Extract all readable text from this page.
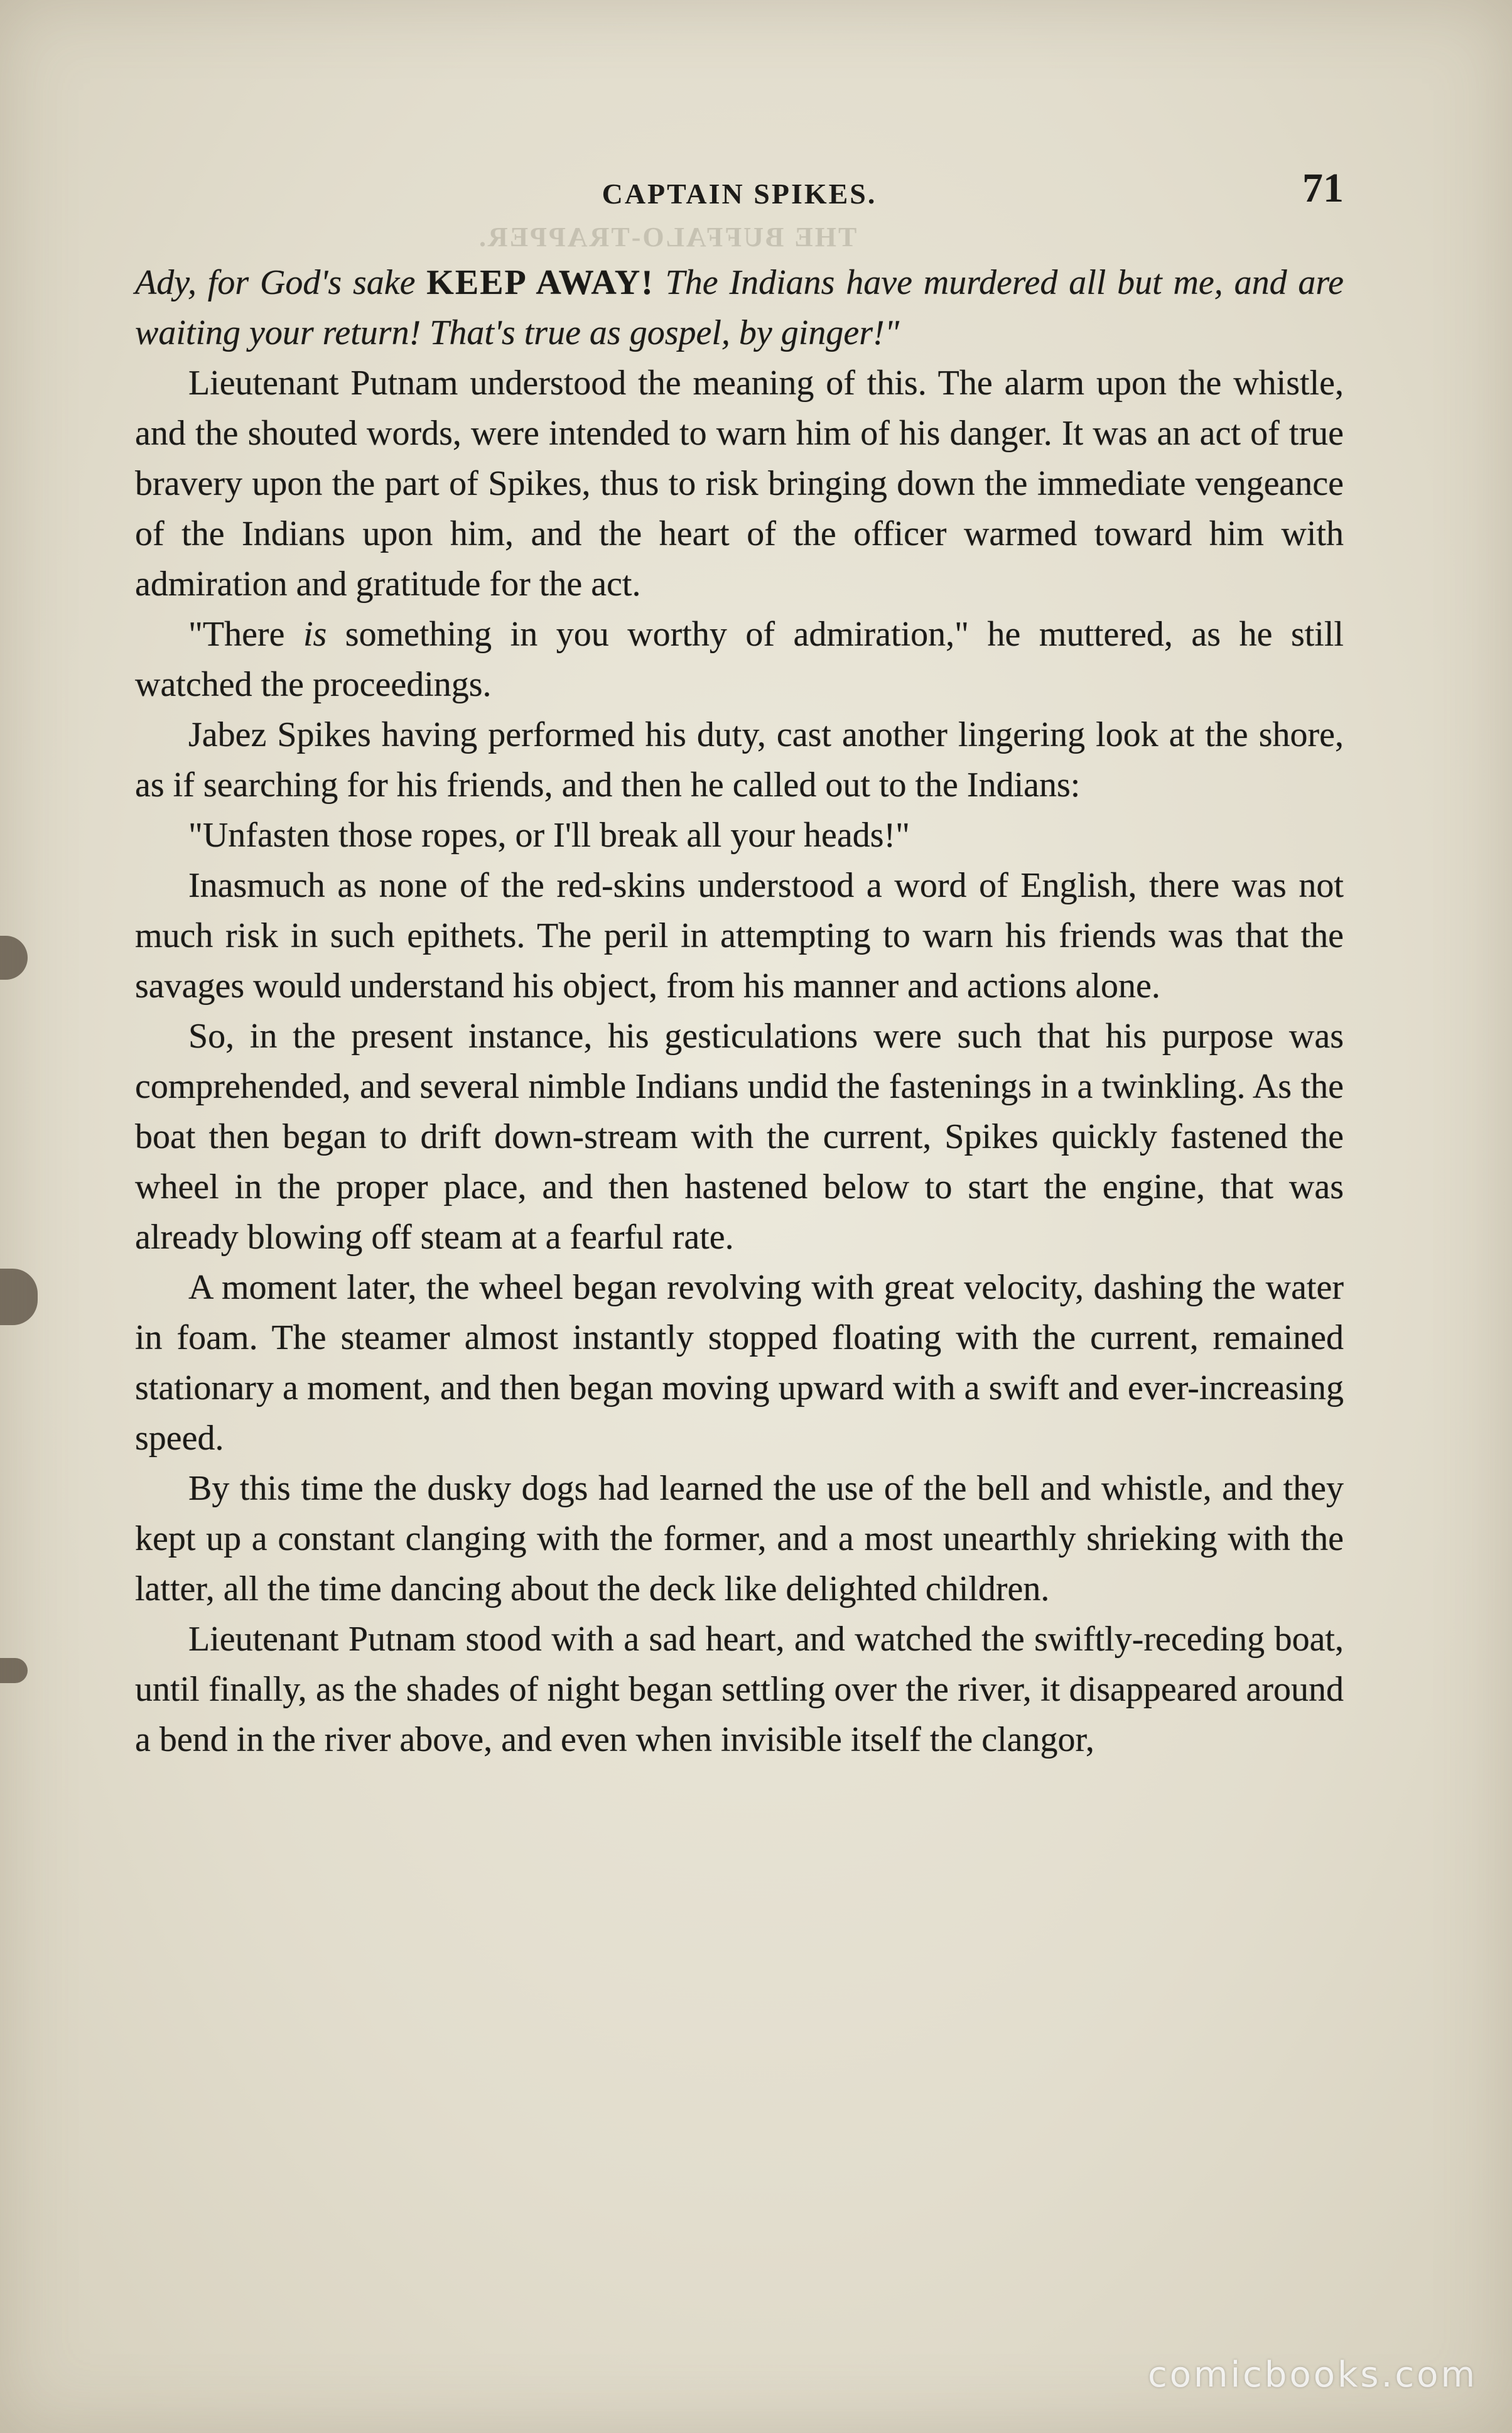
THE BUFFALO-TRAPPER.
CAPTAIN SPIKES.	71

Ady, for God's sake KEEP AWAY! The Indians have murdered all but me, and are waiting your return! That's true as gospel, by ginger!"

Lieutenant Putnam understood the meaning of this. The alarm upon the whistle, and the shouted words, were intended to warn him of his danger. It was an act of true bravery upon the part of Spikes, thus to risk bringing down the immediate vengeance of the Indians upon him, and the heart of the officer warmed toward him with admiration and gratitude for the act.

"There is something in you worthy of admiration," he muttered, as he still watched the proceedings.

Jabez Spikes having performed his duty, cast another lingering look at the shore, as if searching for his friends, and then he called out to the Indians:

"Unfasten those ropes, or I'll break all your heads!"

Inasmuch as none of the red-skins understood a word of English, there was not much risk in such epithets. The peril in attempting to warn his friends was that the savages would understand his object, from his manner and actions alone.

So, in the present instance, his gesticulations were such that his purpose was comprehended, and several nimble Indians undid the fastenings in a twinkling. As the boat then began to drift down-stream with the current, Spikes quickly fastened the wheel in the proper place, and then hastened below to start the engine, that was already blowing off steam at a fearful rate.

A moment later, the wheel began revolving with great velocity, dashing the water in foam. The steamer almost instantly stopped floating with the current, remained stationary a moment, and then began moving upward with a swift and ever-increasing speed.

By this time the dusky dogs had learned the use of the bell and whistle, and they kept up a constant clanging with the former, and a most unearthly shrieking with the latter, all the time dancing about the deck like delighted children.

Lieutenant Putnam stood with a sad heart, and watched the swiftly-receding boat, until finally, as the shades of night began settling over the river, it disappeared around a bend in the river above, and even when invisible itself the clangor,

comicbooks.com
